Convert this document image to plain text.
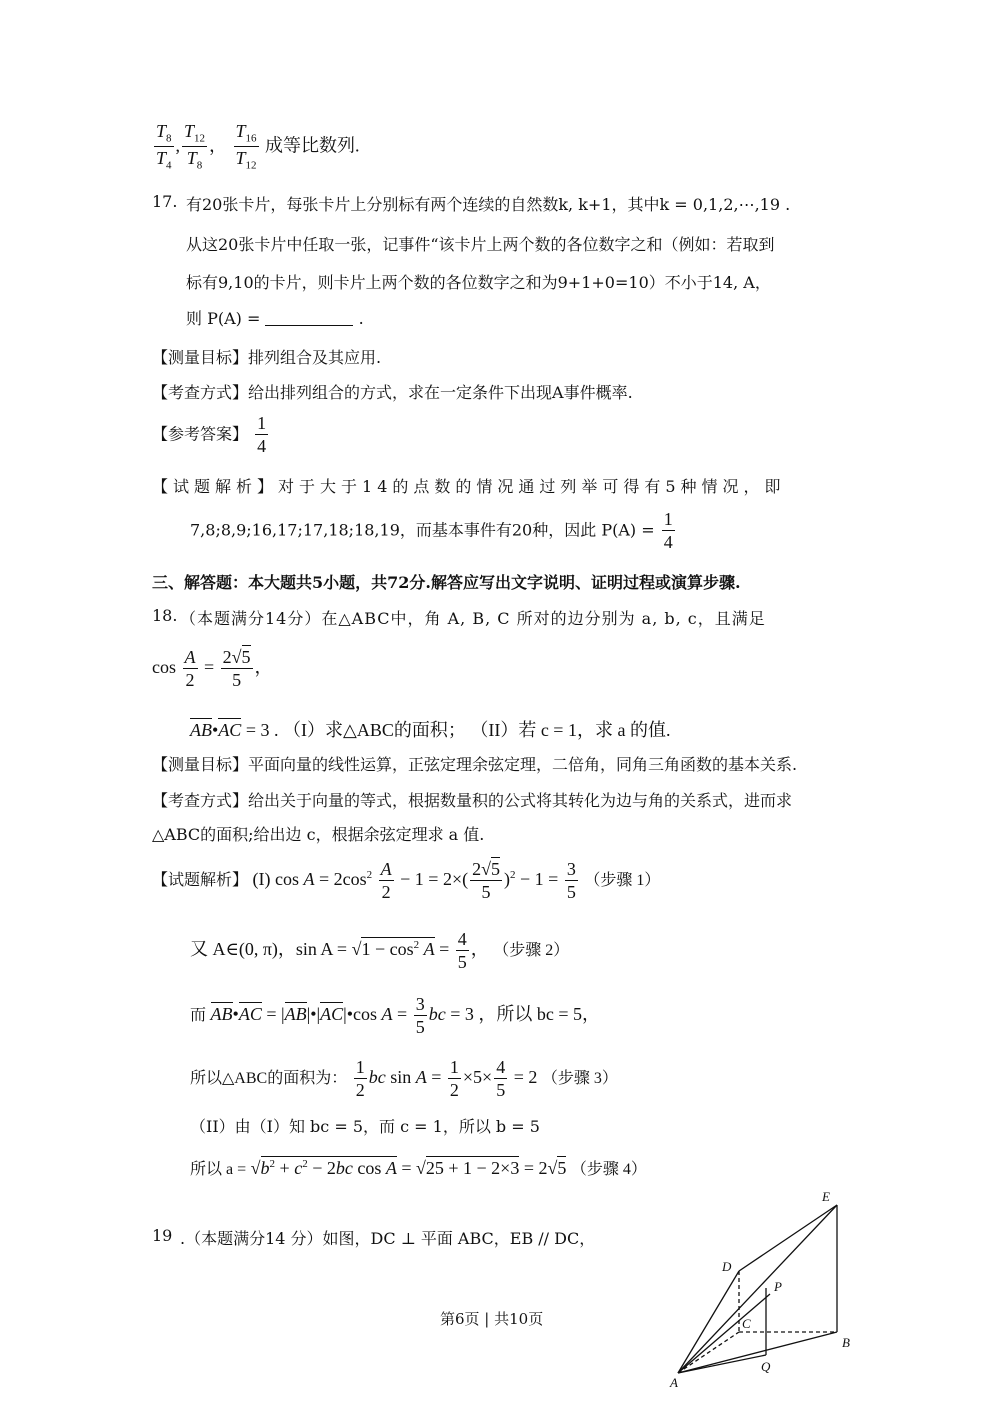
$\frac{T_8}{T_4}$ , $\frac{T_{12}}{T_8}$ ， $\frac{T_{16}}{T_{12}}$ 成等比数列.
17. 有20张卡片，每张卡片上分别标有两个连续的自然数k, k+1，其中k = 0,1,2,⋯,19 .
从这20张卡片中任取一张，记事件“该卡片上两个数的各位数字之和（例如：若取到
标有9,10的卡片，则卡片上两个数的各位数字之和为9+1+0=10）不小于14, A，
则 P(A) =	.
【测量目标】排列组合及其应用.
【考查方式】给出排列组合的方式，求在一定条件下出现A事件概率.
【参考答案】 $\frac{1}{4}$
【试题解析】对于大于14的点数的情况通过列举可得有5种情况，即
7,8;8,9;16,17;17,18;18,19，而基本事件有20种，因此 $P(A) = \frac{1}{4}$
三、解答题：本大题共5小题，共72分.解答应写出文字说明、证明过程或演算步骤.
18. （本题满分14分）在△ABC中，角 A, B, C 所对的边分别为 a, b, c，且满足
$\cos \frac{A}{2} = \frac{2√5}{5}$ ，
AB•AC = 3 . （I）求△ABC的面积； （II）若 c = 1，求 a 的值.
【测量目标】平面向量的线性运算，正弦定理余弦定理，二倍角，同角三角函数的基本关系.
【考查方式】给出关于向量的等式，根据数量积的公式将其转化为边与角的关系式，进而求
△ABC的面积;给出边 c，根据余弦定理求 a 值.
【试题解析】 (I) $\cos A = 2\cos^2 \frac{A}{2} - 1 = 2\times( \frac{2√5}{5} )^2 - 1 = \frac{3}{5}$ （步骤 1）
又 A∈(0, π)，$\sin A = √1 - \cos^2 A = \frac{4}{5}$ ， （步骤 2）
而 AB•AC = |AB|•|AC|•cos $A = \frac{3}{5}$ bc = 3 ，所以 bc = 5，
所以△ABC的面积为： $\frac{1}{2}$ bc $\sin A = \frac{1}{2} \times 5\times \frac{4}{5} = 2$ （步骤 3）
（II）由（I）知 bc = 5，而 c = 1，所以 b = 5
所以 $a = √b^2 + c^2 - 2bc$ cos A = √25 + 1 − 2×3 = 2√5 （步骤 4）
19 .（本题满分14 分）如图，DC ⊥ 平面 ABC，EB // DC，
E
D
P
C
B
Q
A
第6页 | 共10页
